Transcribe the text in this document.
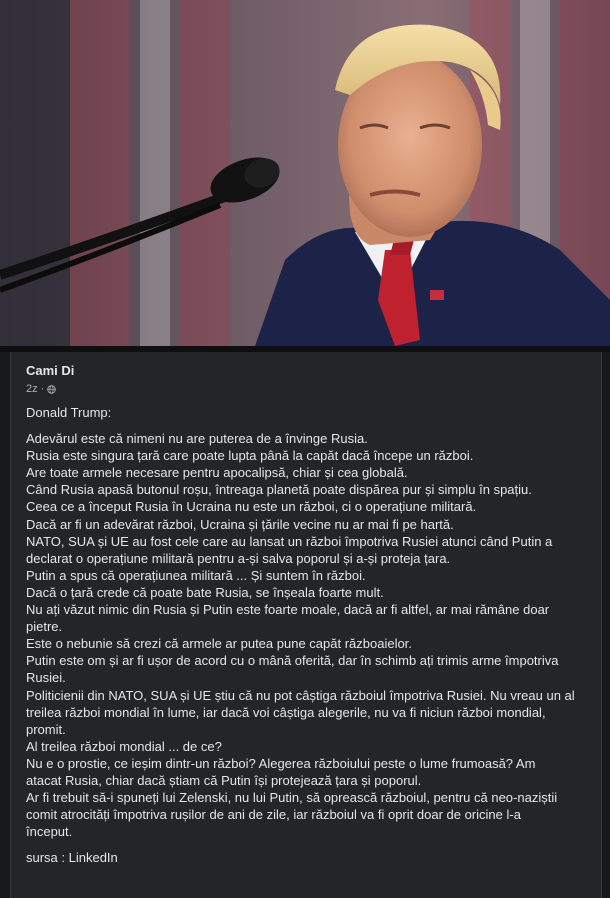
Cami Di
2z ·

Donald Trump:

Adevărul este că nimeni nu are puterea de a învinge Rusia.

Rusia este singura țară care poate lupta până la capăt dacă începe un război.

Are toate armele necesare pentru apocalipsă, chiar și cea globală.

Când Rusia apasă butonul roșu, întreaga planetă poate dispărea pur și simplu în spațiu.

Ceea ce a început Rusia în Ucraina nu este un război, ci o operațiune militară.

Dacă ar fi un adevărat război, Ucraina și țările vecine nu ar mai fi pe hartă.

NATO, SUA și UE au fost cele care au lansat un război împotriva Rusiei atunci când Putin a

declarat o operațiune militară pentru a-și salva poporul și a-și proteja țara.

Putin a spus că operațiunea militară ... Și suntem în război.

Dacă o țară crede că poate bate Rusia, se înșeala foarte mult.

Nu ați văzut nimic din Rusia și Putin este foarte moale, dacă ar fi altfel, ar mai rămâne doar

pietre.

Este o nebunie să crezi că armele ar putea pune capăt războaielor.

Putin este om și ar fi ușor de acord cu o mână oferită, dar în schimb ați trimis arme împotriva

Rusiei.

Politicienii din NATO, SUA și UE știu că nu pot câștiga războiul împotriva Rusiei. Nu vreau un al

treilea război mondial în lume, iar dacă voi câștiga alegerile, nu va fi niciun război mondial,

promit.

Al treilea război mondial ... de ce?

Nu e o prostie, ce ieșim dintr-un război? Alegerea războiului peste o lume frumoasă? Am

atacat Rusia, chiar dacă știam că Putin își protejează țara și poporul.

Ar fi trebuit să-i spuneți lui Zelenski, nu lui Putin, să oprească războiul, pentru că neo-naziștii

comit atrocități împotriva rușilor de ani de zile, iar războiul va fi oprit doar de oricine l-a

început.

sursa : LinkedIn
